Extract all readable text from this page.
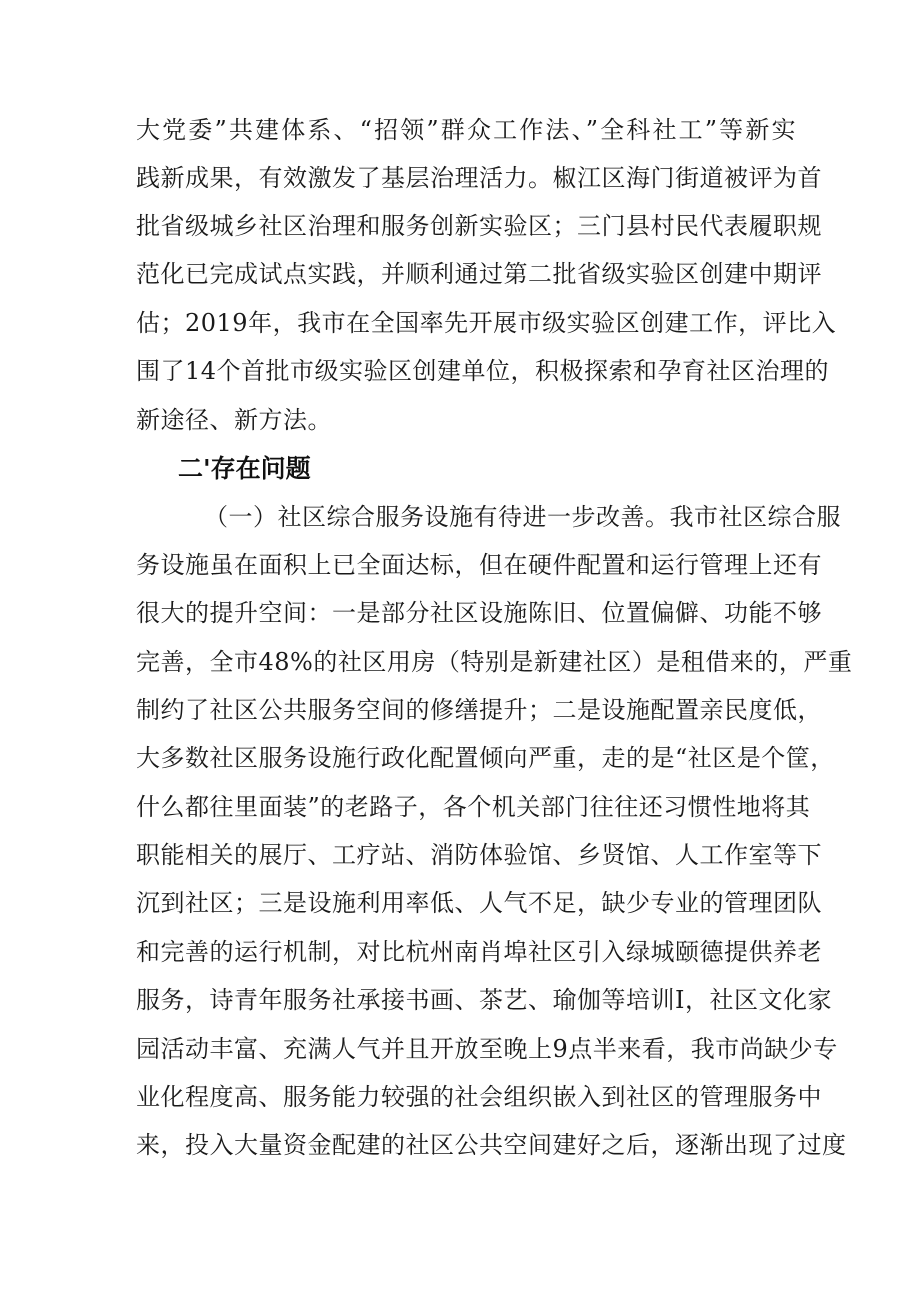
大党委”共建体系、“招领”群众工作法、”全科社工”等新实
践新成果，有效激发了基层治理活力。椒江区海门街道被评为首
批省级城乡社区治理和服务创新实验区；三门县村民代表履职规
范化已完成试点实践，并顺利通过第二批省级实验区创建中期评
估；2019年，我市在全国率先开展市级实验区创建工作，评比入
围了14个首批市级实验区创建单位，积极探索和孕育社区治理的
新途径、新方法。
二'存在问题
（一）社区综合服务设施有待进一步改善。我市社区综合服
务设施虽在面积上已全面达标，但在硬件配置和运行管理上还有
很大的提升空间：一是部分社区设施陈旧、位置偏僻、功能不够
完善，全市48%的社区用房（特别是新建社区）是租借来的，严重
制约了社区公共服务空间的修缮提升；二是设施配置亲民度低，
大多数社区服务设施行政化配置倾向严重，走的是“社区是个筐，
什么都往里面装”的老路子，各个机关部门往往还习惯性地将其
职能相关的展厅、工疗站、消防体验馆、乡贤馆、人工作室等下
沉到社区；三是设施利用率低、人气不足，缺少专业的管理团队
和完善的运行机制，对比杭州南肖埠社区引入绿城颐德提供养老
服务，诗青年服务社承接书画、茶艺、瑜伽等培训I，社区文化家
园活动丰富、充满人气并且开放至晚上9点半来看，我市尚缺少专
业化程度高、服务能力较强的社会组织嵌入到社区的管理服务中
来，投入大量资金配建的社区公共空间建好之后，逐渐出现了过度
